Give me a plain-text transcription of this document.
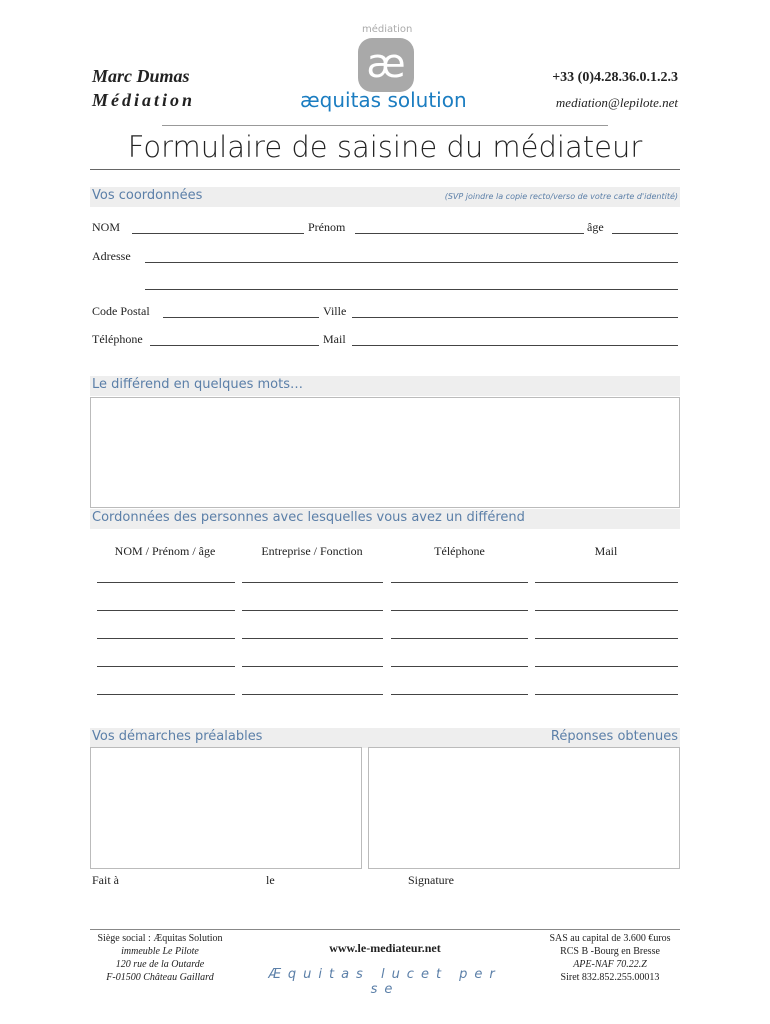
Marc Dumas
Médiation
médiation
æ
æquitas solution
+33 (0)4.28.36.0.1.2.3
mediation@lepilote.net
Formulaire de saisine du médiateur
Vos coordonnées	(SVP joindre la copie recto/verso de votre carte d'identité)
NOM	Prénom	âge
Adresse
Code Postal	Ville
Téléphone	Mail
Le différend en quelques mots…
Cordonnées des personnes avec lesquelles vous avez un différend
NOM / Prénom / âge	Entreprise / Fonction	Téléphone	Mail
Vos démarches préalables	Réponses obtenues
Fait à	le	Signature
Siège social : Æquitas Solution
immeuble Le Pilote
120 rue de la Outarde
F-01500 Château Gaillard
www.le-mediateur.net
Æquitas lucet per se
SAS au capital de 3.600 €uros
RCS B -Bourg en Bresse
APE-NAF 70.22.Z
Siret 832.852.255.00013
